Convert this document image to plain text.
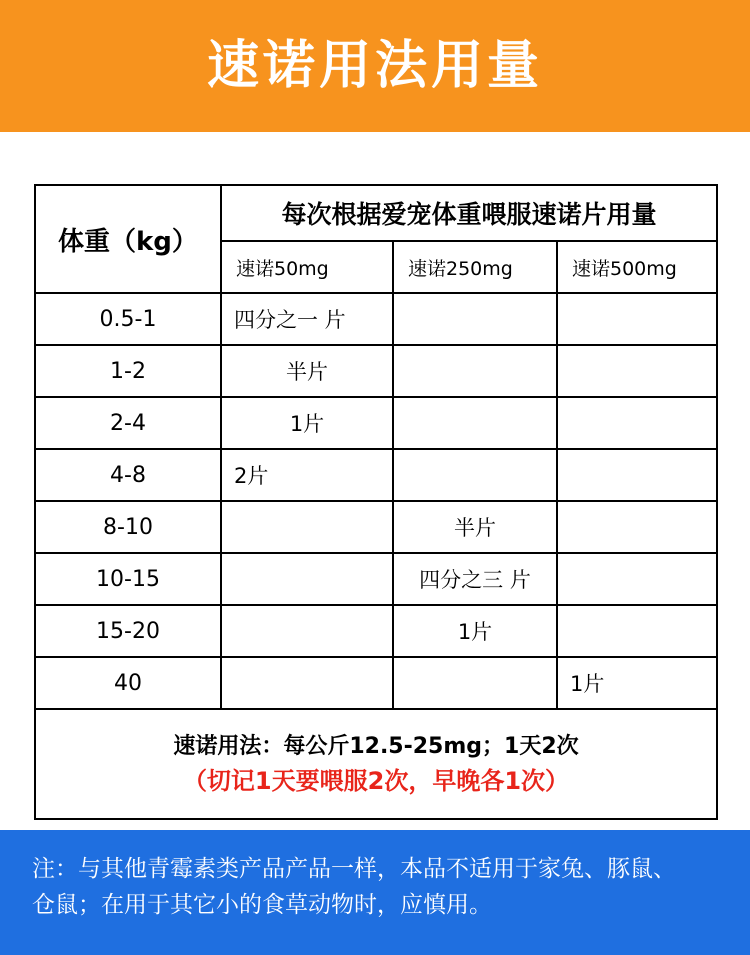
速诺用法用量
体重（kg）	每次根据爱宠体重喂服速诺片用量		
	速诺50mg	速诺250mg	速诺500mg
0.5-1	四分之一 片		
1-2	半片		
2-4	1片		
4-8	2片		
8-10		半片	
10-15		四分之三 片	
15-20		1片	
40			1片

速诺用法：每公斤12.5-25mg；1天2次
（切记1天要喂服2次，早晚各1次）			
注：与其他青霉素类产品产品一样，本品不适用于家兔、豚鼠、
仓鼠；在用于其它小的食草动物时，应慎用。
